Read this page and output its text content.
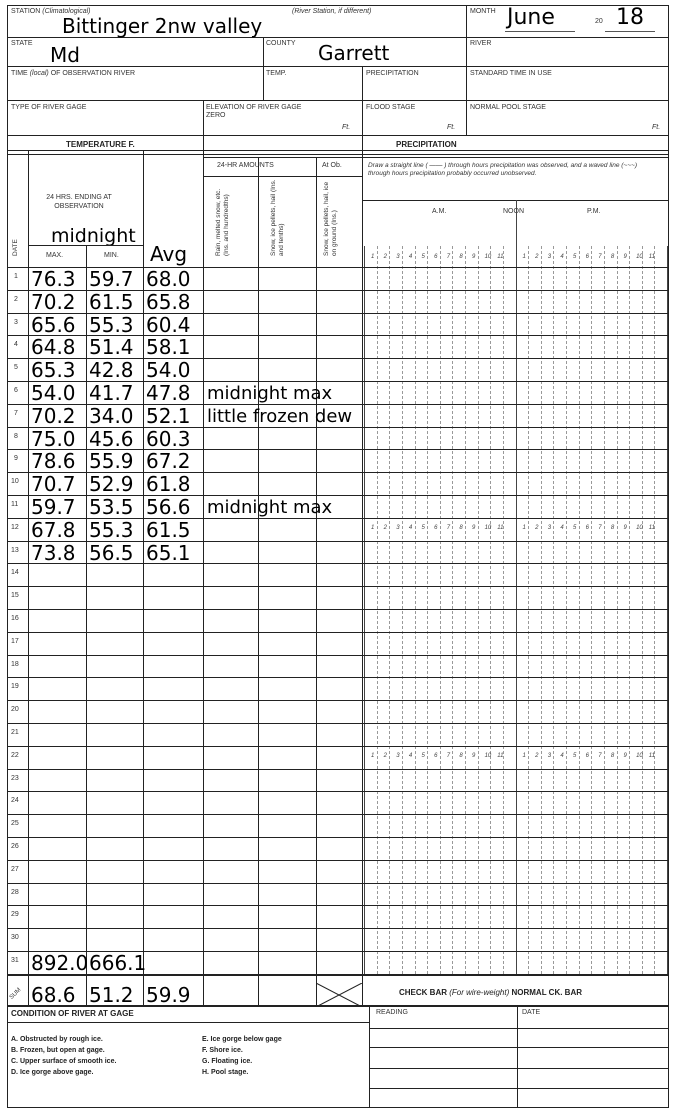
STATION (Climatological)
Bittinger 2nw valley
(River Station, if different)	MONTH June	20 18
STATE Md	COUNTY Garrett	RIVER
TIME (local) OF OBSERVATION RIVER	TEMP.	PRECIPITATION	STANDARD TIME IN USE
TYPE OF RIVER GAGE	ELEVATION OF RIVER GAGE ZERO
Ft.
FLOOD STAGE
Ft.
NORMAL POOL STAGE
Ft.
TEMPERATURE F.	PRECIPITATION
24 HRS. ENDING AT OBSERVATION
midnight
MAX.	MIN. Avg
DATE
24-HR AMOUNTS	At Ob.
Rain, melted snow, etc. (Ins. and hundredths)	Snow, ice pellets, hail (Ins. and tenths)	Snow, ice pellets, hail, ice on ground (Ins.)
Draw a straight line ( —— ) through hours precipitation was observed, and a waved line (~~~) through hours precipitation probably occurred unobserved.
A.M.	NOON	P.M.
1 2 3 4 5 6 7 8 9 10 11	1 2 3 4 5 6 7 8 9 10 11
1 76.3 59.7 68.0
2 70.2 61.5 65.8
3 65.6 55.3 60.4
4 64.8 51.4 58.1
5 65.3 42.8 54.0
6 54.0 41.7 47.8 midnight max
7 70.2 34.0 52.1 little frozen dew
8 75.0 45.6 60.3
9 78.6 55.9 67.2
10 70.7 52.9 61.8
11 59.7 53.5 56.6 midnight max
12 67.8 55.3 61.5	1 2 3 4 5 6 7 8 9 10 11	1 2 3 4 5 6 7 8 9 10 11
13 73.8 56.5 65.1
14
15
16
17
18
19
20
21
22	1 2 3 4 5 6 7 8 9 10 11	1 2 3 4 5 6 7 8 9 10 11
23
24
25
26
27
28
29
30
31 892.0 666.1
SUM 68.6 51.2 59.9	CHECK BAR (For wire-weight) NORMAL CK. BAR
CONDITION OF RIVER AT GAGE	READING	DATE
A. Obstructed by rough ice.
B. Frozen, but open at gage.
C. Upper surface of smooth ice.
D. Ice gorge above gage.
E. Ice gorge below gage
F. Shore ice.
G. Floating ice.
H. Pool stage.
